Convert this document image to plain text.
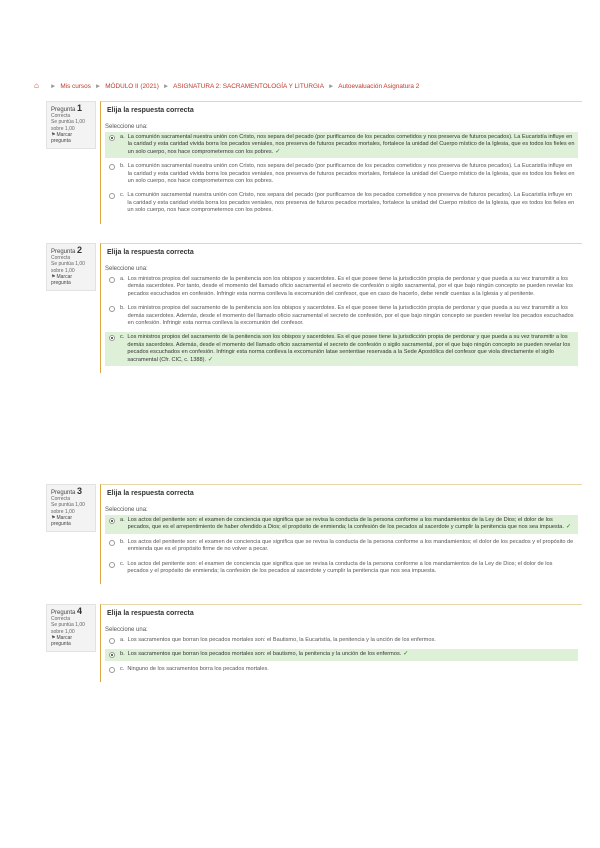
⌂	► Mis cursos ► MÓDULO II (2021) ► ASIGNATURA 2: SACRAMENTOLOGÍA Y LITURGIA ► Autoevaluación Asignatura 2
Pregunta 1
Correcta
Se puntúa 1,00 sobre 1,00
⚑Marcar pregunta
Elija la respuesta correcta
Seleccione una:
a. La comunión sacramental nuestra unión con Cristo, nos separa del pecado (por purificarnos de los pecados cometidos y nos preserva de futuros pecados). La Eucaristía influye en la caridad y esta caridad vivida borra los pecados veniales, nos preserva de futuros pecados mortales, fortalece la unidad del Cuerpo místico de la Iglesia, que es todos los fieles en un solo cuerpo, nos hace comprometernos con los pobres. ✓
b. La comunión sacramental nuestra unión con Cristo, nos separa del pecado (por purificarnos de los pecados cometidos y nos preserva de futuros pecados). La Eucaristía influye en la caridad y esta caridad vivida borra los pecados veniales, nos preserva de futuros pecados mortales, fortalece la unidad del Cuerpo místico de la Iglesia, que es todos los fieles en un solo cuerpo, nos hace comprometernos con los pobres.
c. La comunión sacramental nuestra unión con Cristo, nos separa del pecado (por purificarnos de los pecados cometidos y nos preserva de futuros pecados). La Eucaristía influye en la caridad y esta caridad vivida borra los pecados veniales, nos preserva de futuros pecados mortales, fortalece la unidad del Cuerpo místico de la Iglesia, que es todos los fieles en un solo cuerpo, nos hace comprometernos con los pobres.
Pregunta 2
Correcta
Se puntúa 1,00 sobre 1,00
⚑Marcar pregunta
Elija la respuesta correcta
Seleccione una:
a. Los ministros propios del sacramento de la penitencia son los obispos y sacerdotes. Es el que posee tiene la jurisdicción propia de perdonar y que pueda a su vez transmitir a los demás sacerdotes. Por tanto, desde el momento del llamado oficio sacramental el secreto de confesión o sigilo sacramental, por el que bajo ningún concepto se pueden revelar los pecados escuchados en confesión. Infringir esta norma conlleva la excomunión del confesor, que en caso de hacerlo, debe rendir cuentas a la Iglesia y al penitente.
b. Los ministros propios del sacramento de la penitencia son los obispos y sacerdotes. Es el que posee tiene la jurisdicción propia de perdonar y que pueda a su vez transmitir a los demás sacerdotes. Además, desde el momento del llamado oficio sacramental el secreto de confesión, por el que bajo ningún concepto se pueden revelar los pecados escuchados en confesión. Infringir esta norma conlleva la excomunión del confesor.
c. Los ministros propios del sacramento de la penitencia son los obispos y sacerdotes. Es el que posee tiene la jurisdicción propia de perdonar y que pueda a su vez transmitir a los demás sacerdotes. Además, desde el momento del llamado oficio sacramental el secreto de confesión o sigilo sacramental, por el que bajo ningún concepto se pueden revelar los pecados escuchados en confesión. Infringir esta norma conlleva la excomunión latae sententiae reservada a la Sede Apostólica del confesor que viola directamente el sigilo sacramental (Cfr. CIC, c. 1388). ✓
Pregunta 3
Correcta
Se puntúa 1,00 sobre 1,00
⚑Marcar pregunta
Elija la respuesta correcta
Seleccione una:
a. Los actos del penitente son: el examen de conciencia que significa que se revisa la conducta de la persona conforme a los mandamientos de la Ley de Dios; el dolor de los pecados, que es el arrepentimiento de haber ofendido a Dios; el propósito de enmienda; la confesión de los pecados al sacerdote y cumplir la penitencia que nos sea impuesta. ✓
b. Los actos del penitente son: el examen de conciencia que significa que se revisa la conducta de la persona conforme a los mandamientos; el dolor de los pecados y el propósito de enmienda que es el propósito firme de no volver a pecar.
c. Los actos del penitente son: el examen de conciencia que significa que se revisa la conducta de la persona conforme a los mandamientos de la Ley de Dios; el dolor de los pecados y el propósito de enmienda; la confesión de los pecados al sacerdote y cumplir la penitencia que nos sea impuesta.
Pregunta 4
Correcta
Se puntúa 1,00 sobre 1,00
⚑Marcar pregunta
Elija la respuesta correcta
Seleccione una:
a. Los sacramentos que borran los pecados mortales son: el Bautismo, la Eucaristía, la penitencia y la unción de los enfermos.
b. Los sacramentos que borran los pecados mortales son: el bautismo, la penitencia y la unción de los enfermos. ✓
c. Ninguno de los sacramentos borra los pecados mortales.
